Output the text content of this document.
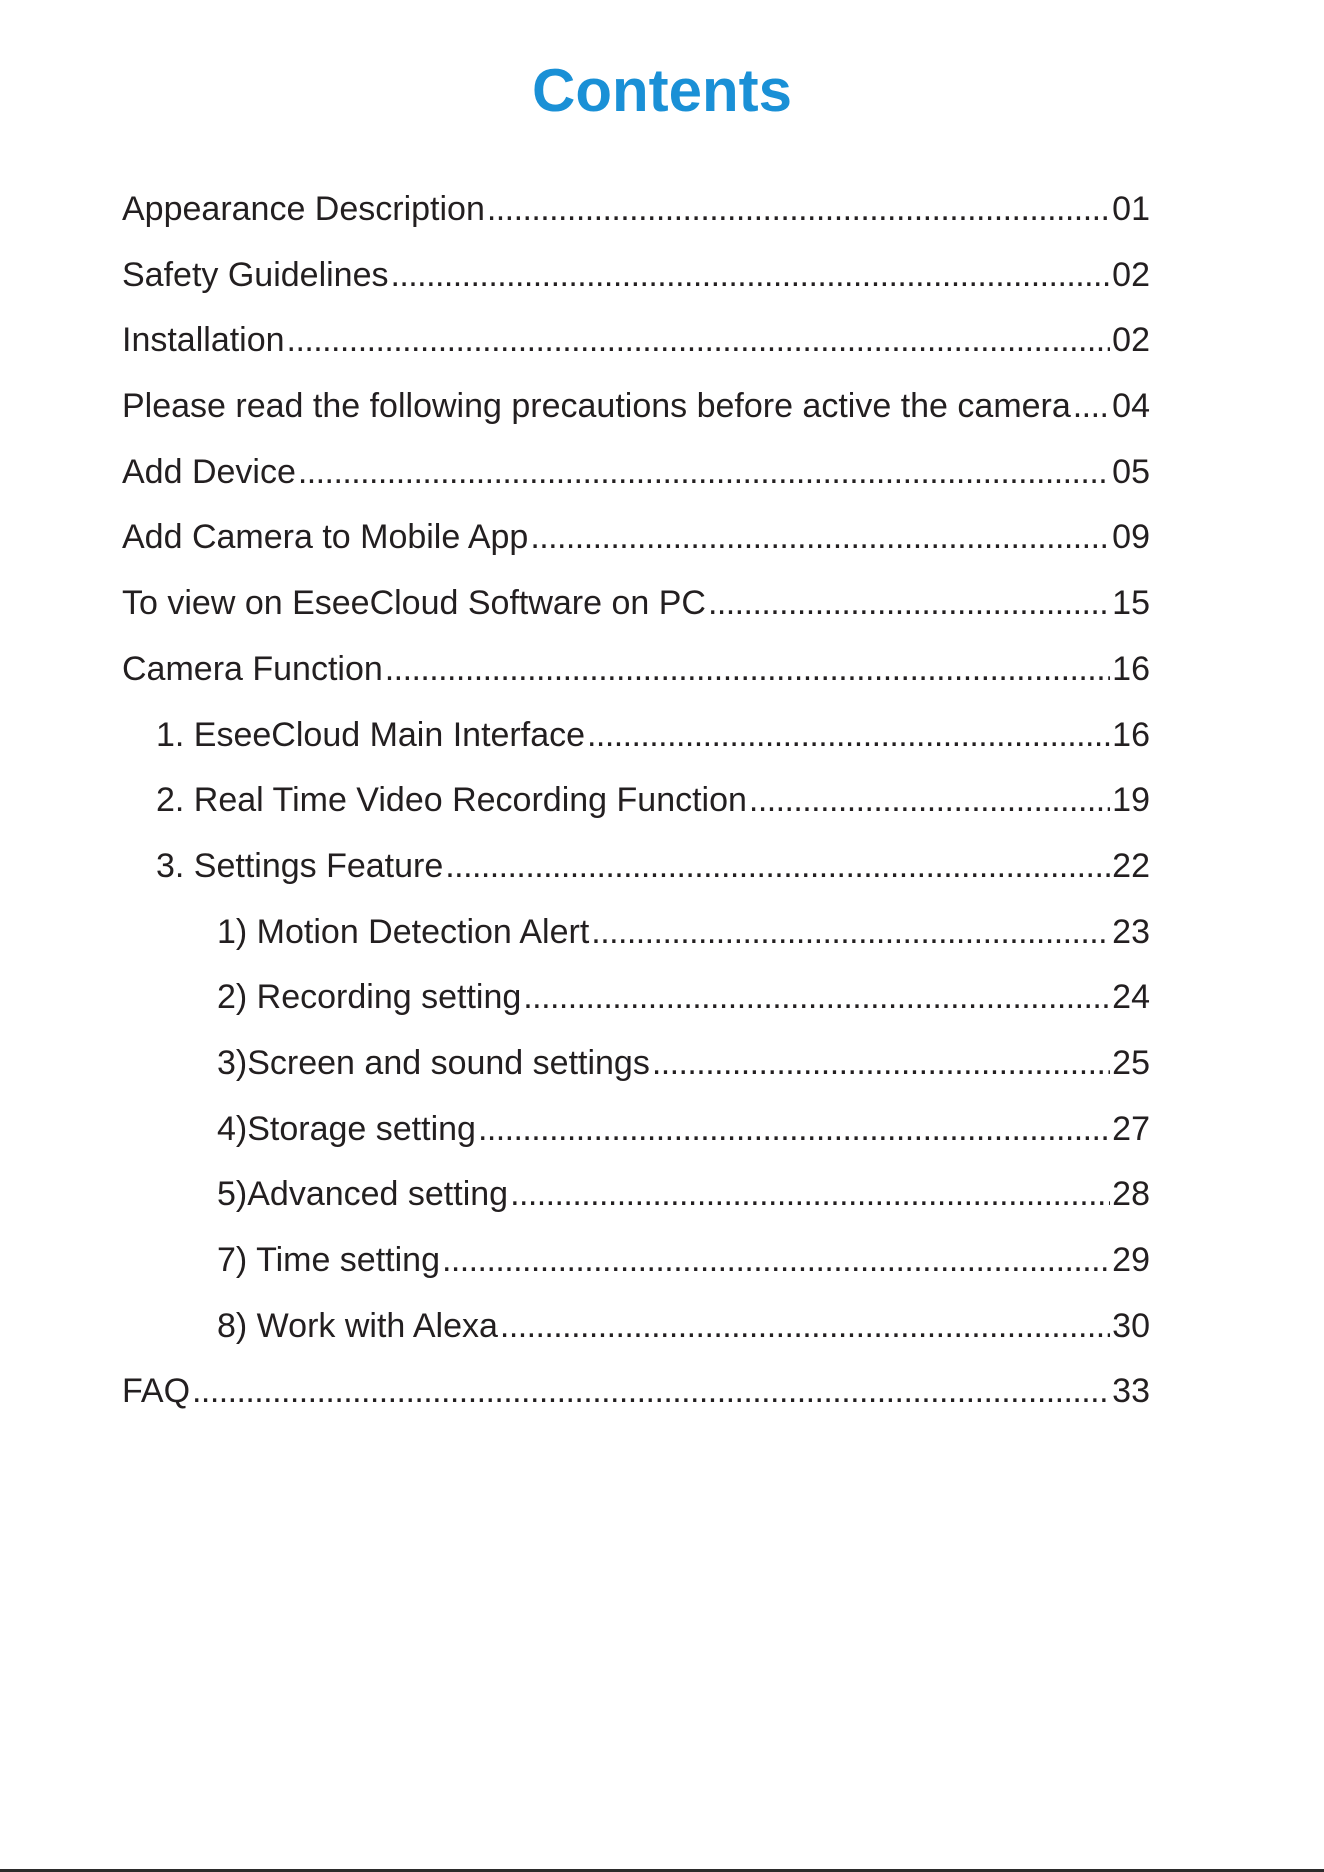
Contents
Appearance Description . . .	01
Safety Guidelines . . .	02
Installation . . .	02
Please read the following precautions before active the camera . . . 04
Add Device . . .	05
Add Camera to Mobile App . . .	09
To view on EseeCloud Software on PC . . .	15
Camera Function . . .	16
1. EseeCloud Main Interface . . .	16
2. Real Time Video Recording Function . . .	19
3. Settings Feature . . .	22
1) Motion Detection Alert . . .	23
2) Recording setting . . .	24
3)Screen and sound settings . . .	25
4)Storage setting . . .	27
5)Advanced setting . . .	28
7) Time setting . . .	29
8) Work with Alexa . . .	30
FAQ . . .	33
